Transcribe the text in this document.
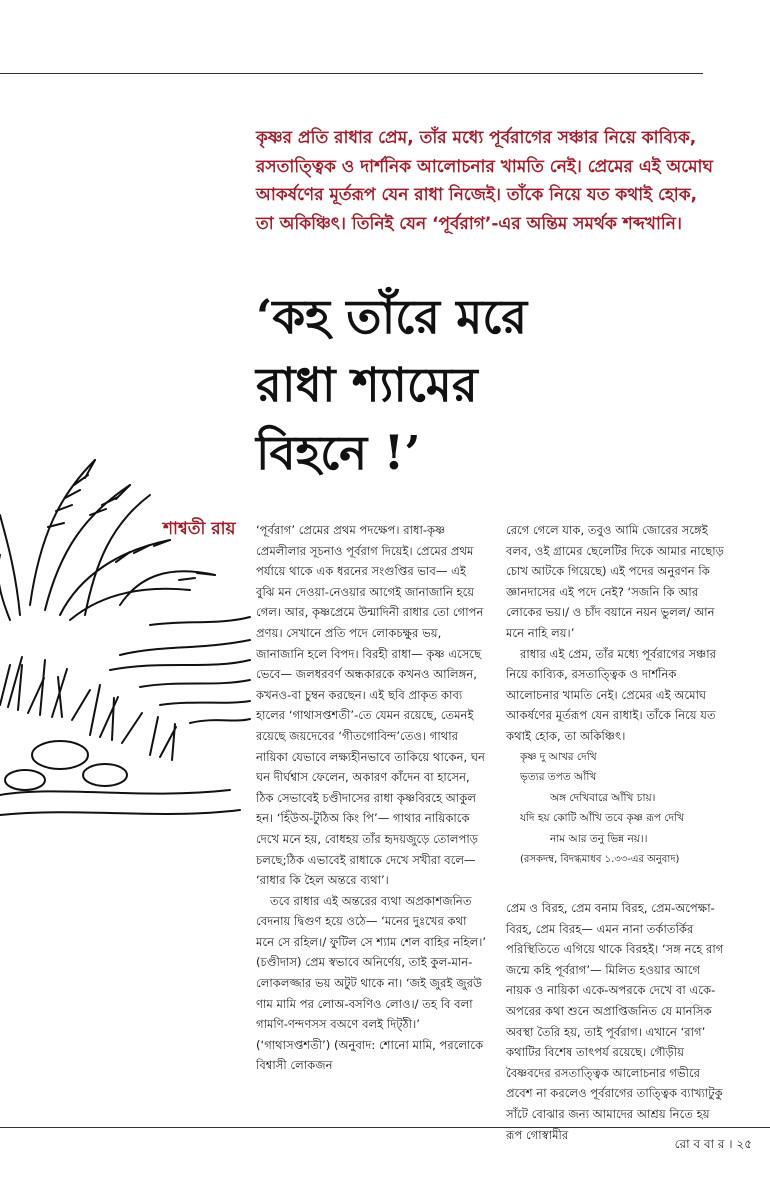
কৃষ্ণর প্রতি রাধার প্রেম, তাঁর মধ্যে পূর্বরাগের সঞ্চার নিয়ে কাব্যিক, রসতাত্ত্বিক ও দার্শনিক আলোচনার খামতি নেই। প্রেমের এই অমোঘ আকর্ষণের মূর্তরূপ যেন রাধা নিজেই। তাঁকে নিয়ে যত কথাই হোক, তা অকিঞ্চিৎ। তিনিই যেন ‘পূর্বরাগ’-এর অন্তিম সমর্থক শব্দখানি।

‘কহ তাঁরে মরে
রাধা শ্যামের
বিহনে !’

শাশ্বতী রায় ‘পূর্বরাগ’ প্রেমের প্রথম পদক্ষেপ। রাধা-কৃষ্ণ প্রেমলীলার সূচনাও পূর্বরাগ দিয়েই। প্রেমের প্রথম পর্যায়ে থাকে এক ধরনের সংগুপ্তির ভাব— এই বুঝি মন দেওয়া-নেওয়ার আগেই জানাজানি হয়ে গেল। আর, কৃষ্ণপ্রেমে উন্মাদিনী রাধার তো গোপন প্রণয়। সেখানে প্রতি পদে লোকচক্ষুর ভয়, জানাজানি হলে বিপদ। বিরহী রাধা— কৃষ্ণ এসেছে ভেবে— জলধরবর্ণ অন্ধকারকে কখনও আলিঙ্গন, কখনও-বা চুম্বন করছেন। এই ছবি প্রাকৃত কাব্য হালের ‘গাথাসপ্তশতী’-তে যেমন রয়েছে, তেমনই রয়েছে জয়দেবের ‘গীতগোবিন্দ’তেও। গাথার নায়িকা যেভাবে লক্ষ্যহীনভাবে তাকিয়ে থাকেন, ঘন ঘন দীর্ঘশ্বাস ফেলেন, অকারণ কাঁদেন বা হাসেন, ঠিক সেভাবেই চণ্ডীদাসের রাধা কৃষ্ণবিরহে আকুল হন। ‘হিঁউঅ-টুঠিঅ কিং পি’— গাথার নায়িকাকে দেখে মনে হয়, বোধহয় তাঁর হৃদয়জুড়ে তোলপাড় চলছে;ঠিক এভাবেই রাধাকে দেখে সখীরা বলে— ‘রাধার কি হৈল অন্তরে ব্যথা’।

তবে রাধার এই অন্তরের ব্যথা অপ্রকাশজনিত বেদনায় দ্বিগুণ হয়ে ওঠে— ‘মনের দুঃখের কথা মনে সে রহিল।/ ফুটিল সে শ্যাম শেল বাহির নহিল।’ (চণ্ডীদাস) প্রেম স্বভাবে অনির্ণেয়, তাই কুল-মান-লোকলজ্জার ভয় অটুট থাকে না। ‘জই জুরই জুরউ ণাম মামি পর লোঅ-বসণিও লোও।/ তহ বি বলা গামণি-ণন্দণসস বঅণে বলই দিট্‌ঠী।’ (‘গাথাসপ্তশতী’) (অনুবাদ: শোনো মামি, পরলোকে বিশ্বাসী লোকজন

রেগে গেলে যাক, তবুও আমি জোরের সঙ্গেই বলব, ওই গ্রামের ছেলেটির দিকে আমার নাছোড় চোখ আটকে গিয়েছে) এই পদের অনুরণন কি জ্ঞানদাসের এই পদে নেই? ‘সজনি কি আর লোকের ভয়।/ ও চাঁদ বয়ানে নয়ন ভুলল/ আন মনে নাহি লয়।’

রাধার এই প্রেম, তাঁর মধ্যে পূর্বরাগের সঞ্চার নিয়ে কাব্যিক, রসতাত্ত্বিক ও দার্শনিক আলোচনার খামতি নেই। প্রেমের এই অমোঘ আকর্ষণের মূর্তরূপ যেন রাধাই। তাঁকে নিয়ে যত কথাই হোক, তা অকিঞ্চিৎ।

কৃষ্ণ দু আখর দেখি
ভৃত্যর তপত আঁখি
অঙ্গ দেখিবারে আঁখি চায়।
যদি হয় কোটি আঁখি তবে কৃষ্ণ রূপ দেখি
নাম আর তনু ভিন্ন নয়।।

(রসকদম্ব, বিদগ্ধমাধব ১.৩৩-এর অনুবাদ)

প্রেম ও বিরহ, প্রেম বনাম বিরহ, প্রেম-অপেক্ষা-বিরহ, প্রেম বিরহ— এমন নানা তর্কাতর্কির পরিস্থিতিতে এগিয়ে থাকে বিরহই। ‘সঙ্গ নহে রাগ জন্মে কহি পূর্বরাগ’— মিলিত হওয়ার আগে নায়ক ও নায়িকা একে-অপরকে দেখে বা একে-অপরের কথা শুনে অপ্রাপ্তিজনিত যে মানসিক অবস্থা তৈরি হয়, তাই পূর্বরাগ। এখানে ‘রাগ’ কথাটির বিশেষ তাৎপর্য রয়েছে। গৌড়ীয় বৈষ্ণবদের রসতাত্ত্বিক আলোচনার গভীরে প্রবেশ না করলেও পূর্বরাগের তাত্ত্বিক ব্যাখ্যাটুকু সাঁটে বোঝার জন্য আমাদের আশ্রয় নিতে হয় রূপ গোস্বামীর

রো ব বা র । ২৫
